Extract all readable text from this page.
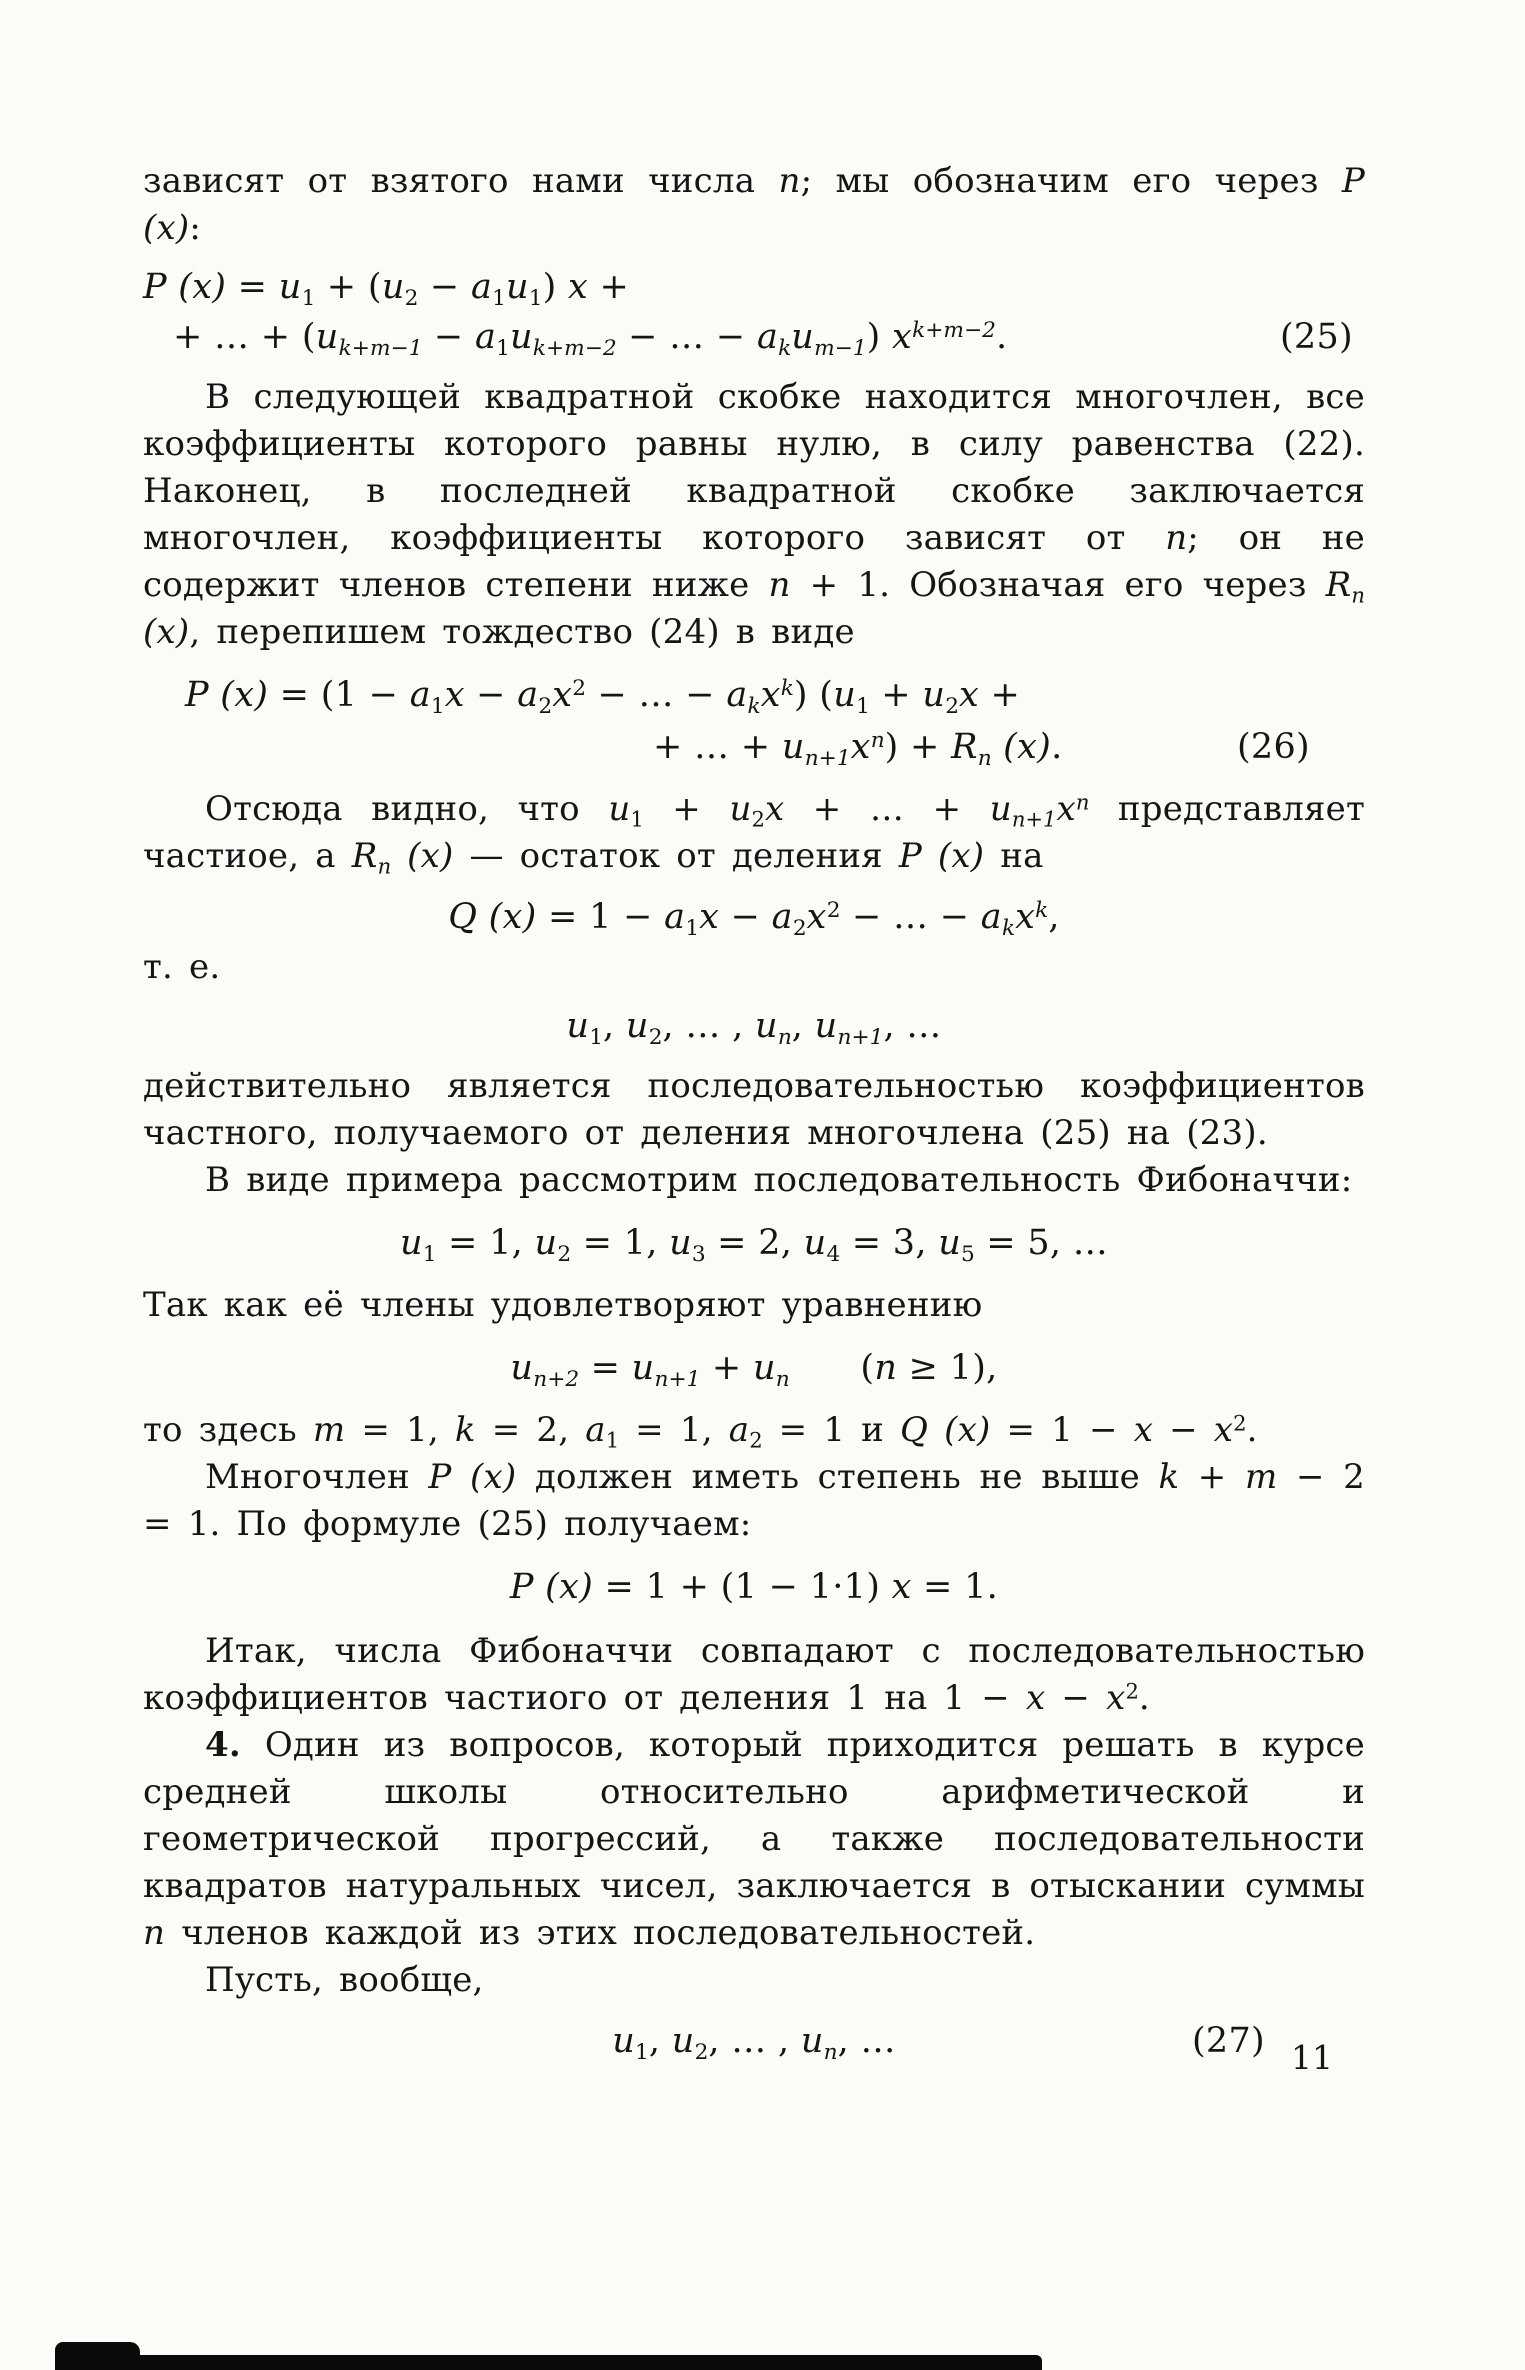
зависят от взятого нами числа n; мы обозначим его через P (x):

P $(x) = u_1 + (u_2 - a_1u_1) x$ +
+ … + ($u_{k+m-1} - a_1u_{k+m-2}$ − … − $a_ku_{m-1}$) $x^{k+m-2}$.	(25)

В следующей квадратной скобке находится многочлен, все коэффициенты которого равны нулю, в силу равенства (22). Наконец, в последней квадратной скобке заключается многочлен, коэффициенты которого зависят от n; он не содержит членов степени ниже n + 1. Обозначая его через $R_n$ (x), перепишем тождество (24) в виде

P $(x) = (1 - a_1x - a_2x^2$ − … − $a_kx^k$) ($u_1 + u_2x$ +
+ … + $u_{n+1}x^n) + R_n$ (x).	(26)

Отсюда видно, что $u_1 + u_2x$ + … + $u_{n+1}x^n$ представляет частиое, а $R_n$ (x) — остаток от деления P (x) на

Q $(x) = 1 - a_1x - a_2x^2$ − … − $a_kx^k$,

т. е.

$u_1$, $u_2$, … , $u_n$, $u_{n+1}$, …

действительно является последовательностью коэффициентов частного, получаемого от деления многочлена (25) на (23).

В виде примера рассмотрим последовательность Фибоначчи:

$u_1 = 1$, $u_2 = 1$, $u_3 = 2$, $u_4 = 3$, $u_5 = 5$, …

Так как её члены удовлетворяют уравнению

$u_{n+2} = u_{n+1} + u_n$  (n ≥ 1),

то здесь m = 1, k = 2, $a_1 = 1$, $a_2 = 1$ и Q $(x) = 1 - x - x^2$.

Многочлен P (x) должен иметь степень не выше k + m − 2 = 1. По формуле (25) получаем:

P (x) = 1 + (1 − 1·1) x = 1.

Итак, числа Фибоначчи совпадают с последовательностью коэффициентов частиого от деления 1 на $1 - x - x^2$.

4. Один из вопросов, который приходится решать в курсе средней школы относительно арифметической и геометрической прогрессий, а также последовательности квадратов натуральных чисел, заключается в отыскании суммы n членов каждой из этих последовательностей.

Пусть, вообще,

$u_1$, $u_2$, … , $u_n$, …	(27) 11
